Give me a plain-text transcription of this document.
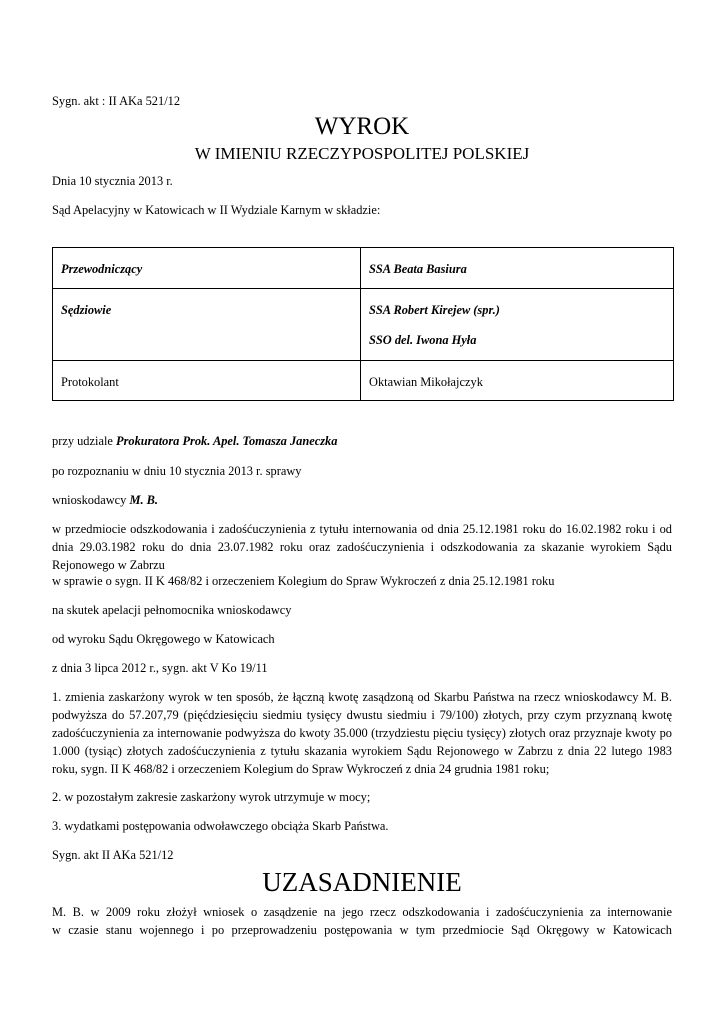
Sygn. akt : II AKa 521/12

WYROK
W IMIENIU RZECZYPOSPOLITEJ POLSKIEJ

Dnia 10 stycznia 2013 r.

Sąd Apelacyjny w Katowicach w II Wydziale Karnym w składzie:

Przewodniczący	SSA Beata Basiura
Sędziowie	SSA Robert Kirejew (spr.)
SSO del. Iwona Hyła
Protokolant	Oktawian Mikołajczyk

przy udziale Prokuratora Prok. Apel. Tomasza Janeczka

po rozpoznaniu w dniu 10 stycznia 2013 r. sprawy

wnioskodawcy M. B.

w przedmiocie odszkodowania i zadośćuczynienia z tytułu internowania od dnia 25.12.1981 roku do 16.02.1982 roku i od dnia 29.03.1982 roku do dnia 23.07.1982 roku oraz zadośćuczynienia i odszkodowania za skazanie wyrokiem Sądu Rejonowego w Zabrzu

w sprawie o sygn. II K 468/82 i orzeczeniem Kolegium do Spraw Wykroczeń z dnia 25.12.1981 roku

na skutek apelacji pełnomocnika wnioskodawcy

od wyroku Sądu Okręgowego w Katowicach

z dnia 3 lipca 2012 r., sygn. akt V Ko 19/11

1. zmienia zaskarżony wyrok w ten sposób, że łączną kwotę zasądzoną od Skarbu Państwa na rzecz wnioskodawcy M. B. podwyższa do 57.207,79 (pięćdziesięciu siedmiu tysięcy dwustu siedmiu i 79/100) złotych, przy czym przyznaną kwotę zadośćuczynienia za internowanie podwyższa do kwoty 35.000 (trzydziestu pięciu tysięcy) złotych oraz przyznaje kwoty po 1.000 (tysiąc) złotych zadośćuczynienia z tytułu skazania wyrokiem Sądu Rejonowego w Zabrzu z dnia 22 lutego 1983 roku, sygn. II K 468/82 i orzeczeniem Kolegium do Spraw Wykroczeń z dnia 24 grudnia 1981 roku;

2. w pozostałym zakresie zaskarżony wyrok utrzymuje w mocy;

3. wydatkami postępowania odwoławczego obciąża Skarb Państwa.

Sygn. akt II AKa 521/12

UZASADNIENIE

M. B. w 2009 roku złożył wniosek o zasądzenie na jego rzecz odszkodowania i zadośćuczynienia za internowanie

w czasie stanu wojennego i po przeprowadzeniu postępowania w tym przedmiocie Sąd Okręgowy w Katowicach
